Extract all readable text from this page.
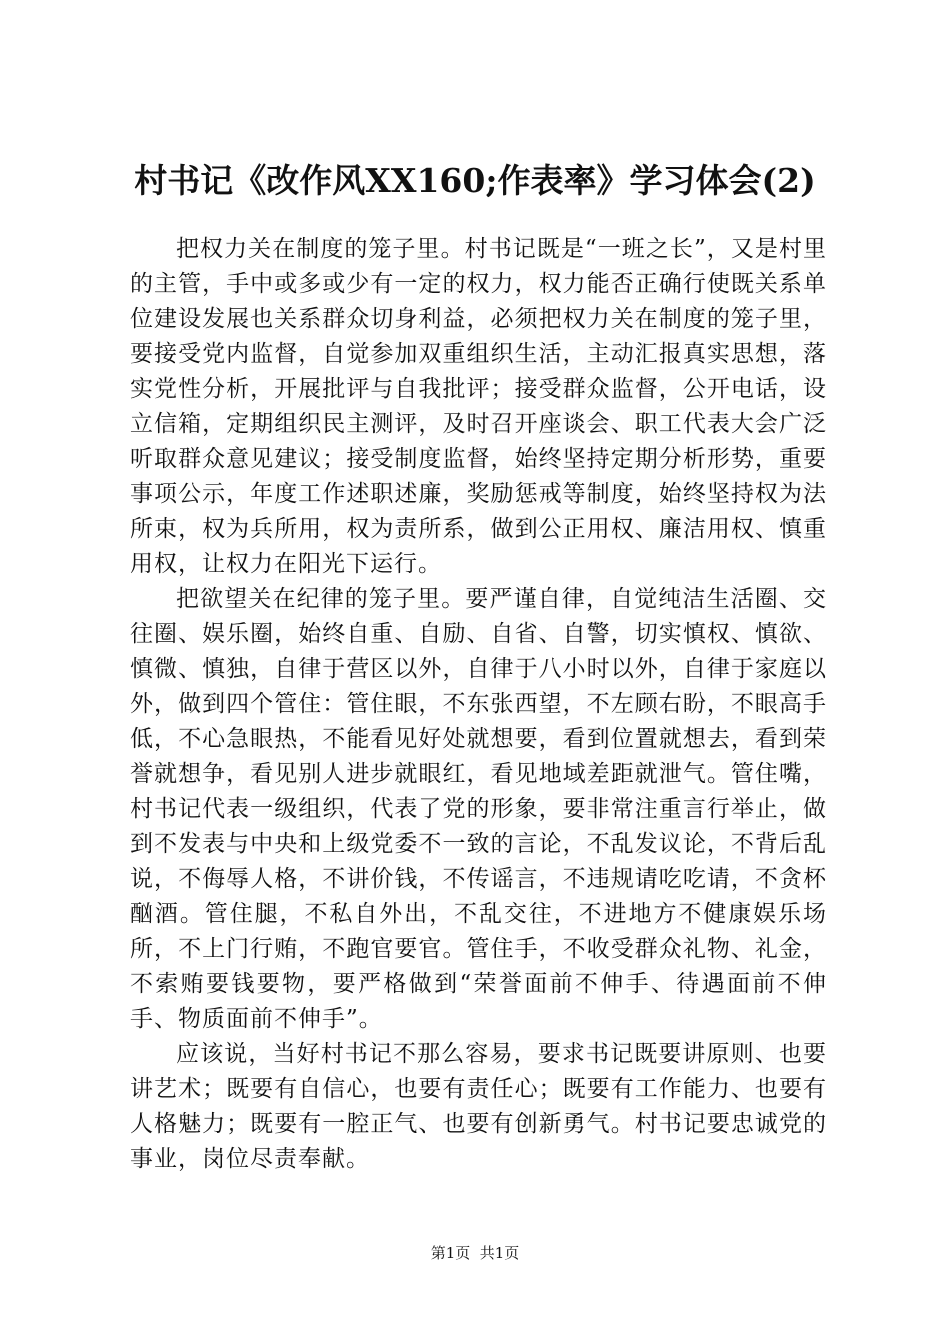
村书记《改作风XX160;作表率》学习体会(2)

把权力关在制度的笼子里。村书记既是“一班之长”，又是村里的主管，手中或多或少有一定的权力，权力能否正确行使既关系单位建设发展也关系群众切身利益，必须把权力关在制度的笼子里，要接受党内监督，自觉参加双重组织生活，主动汇报真实思想，落实党性分析，开展批评与自我批评；接受群众监督，公开电话，设立信箱，定期组织民主测评，及时召开座谈会、职工代表大会广泛听取群众意见建议；接受制度监督，始终坚持定期分析形势，重要事项公示，年度工作述职述廉，奖励惩戒等制度，始终坚持权为法所束，权为兵所用，权为责所系，做到公正用权、廉洁用权、慎重用权，让权力在阳光下运行。

把欲望关在纪律的笼子里。要严谨自律，自觉纯洁生活圈、交往圈、娱乐圈，始终自重、自励、自省、自警，切实慎权、慎欲、慎微、慎独，自律于营区以外，自律于八小时以外，自律于家庭以外，做到四个管住：管住眼，不东张西望，不左顾右盼，不眼高手低，不心急眼热，不能看见好处就想要，看到位置就想去，看到荣誉就想争，看见别人进步就眼红，看见地域差距就泄气。管住嘴，村书记代表一级组织，代表了党的形象，要非常注重言行举止，做到不发表与中央和上级党委不一致的言论，不乱发议论，不背后乱说，不侮辱人格，不讲价钱，不传谣言，不违规请吃吃请，不贪杯酗酒。管住腿，不私自外出，不乱交往，不进地方不健康娱乐场所，不上门行贿，不跑官要官。管住手，不收受群众礼物、礼金，不索贿要钱要物，要严格做到“荣誉面前不伸手、待遇面前不伸手、物质面前不伸手”。

应该说，当好村书记不那么容易，要求书记既要讲原则、也要讲艺术；既要有自信心，也要有责任心；既要有工作能力、也要有人格魅力；既要有一腔正气、也要有创新勇气。村书记要忠诚党的事业，岗位尽责奉献。

第1页  共1页
